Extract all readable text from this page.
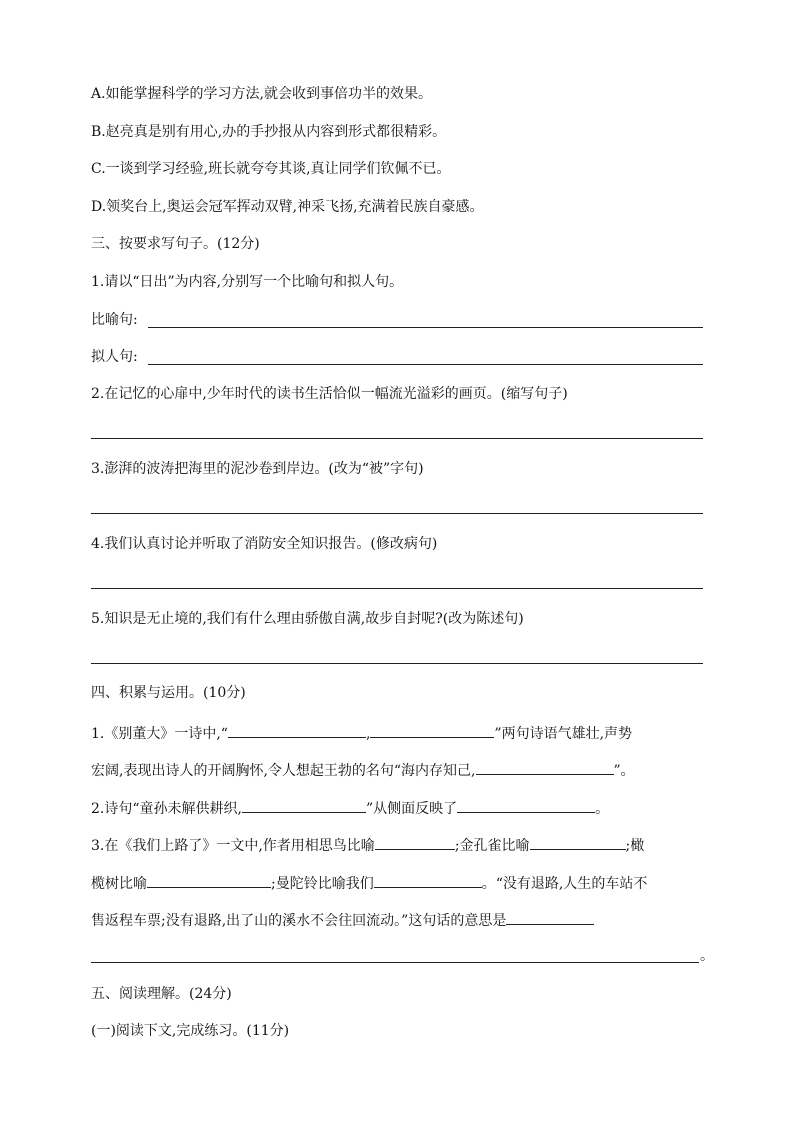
A.如能掌握科学的学习方法,就会收到事倍功半的效果。
B.赵亮真是别有用心,办的手抄报从内容到形式都很精彩。
C.一谈到学习经验,班长就夸夸其谈,真让同学们钦佩不已。
D.领奖台上,奥运会冠军挥动双臂,神采飞扬,充满着民族自豪感。
三、按要求写句子。(12分)
1.请以“日出”为内容,分别写一个比喻句和拟人句。
比喻句:
拟人句:
2.在记忆的心扉中,少年时代的读书生活恰似一幅流光溢彩的画页。(缩写句子)
3.澎湃的波涛把海里的泥沙卷到岸边。(改为“被”字句)
4.我们认真讨论并听取了消防安全知识报告。(修改病句)
5.知识是无止境的,我们有什么理由骄傲自满,故步自封呢?(改为陈述句)
四、积累与运用。(10分)
1.《别董大》一诗中,“	,	”两句诗语气雄壮,声势
宏阔,表现出诗人的开阔胸怀,令人想起王勃的名句“海内存知己,	”。
2.诗句“童孙未解供耕织,	”从侧面反映了	。
3.在《我们上路了》一文中,作者用相思鸟比喻	;金孔雀比喻	;橄
榄树比喻	;曼陀铃比喻我们	。“没有退路,人生的车站不
售返程车票;没有退路,出了山的溪水不会往回流动。”这句话的意思是
。
五、阅读理解。(24分)
(一)阅读下文,完成练习。(11分)
